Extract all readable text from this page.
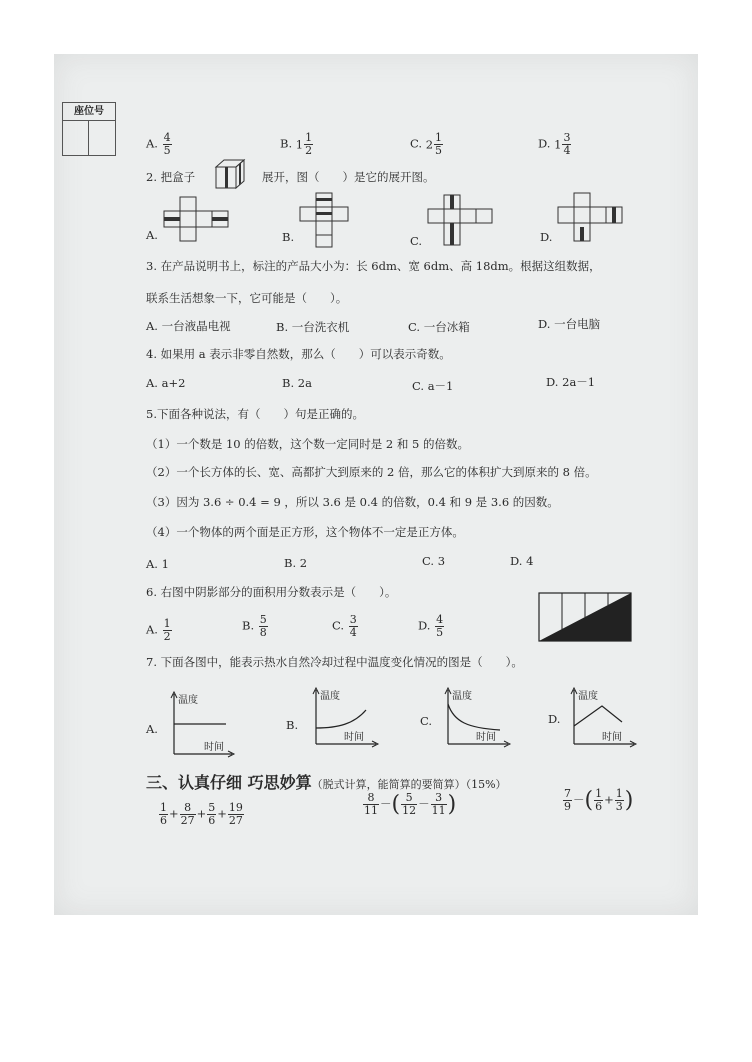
座位号
A. $\frac{4}{5}$	B. $1 \frac{1}{2}$	C. $2 \frac{1}{5}$	D. $1 \frac{3}{4}$
2. 把盒子	展开，图（　　）是它的展开图。
A.	B.	C.	D.
3. 在产品说明书上，标注的产品大小为：长 6dm、宽 6dm、高 18dm。根据这组数据，
联系生活想象一下，它可能是（　　）。
A. 一台液晶电视	B. 一台洗衣机	C. 一台冰箱	D. 一台电脑
4. 如果用 a 表示非零自然数，那么（　　）可以表示奇数。
A. a+2	B. 2a	C. a－1	D. 2a－1
5.下面各种说法，有（　　）句是正确的。
（1）一个数是 10 的倍数，这个数一定同时是 2 和 5 的倍数。
（2）一个长方体的长、宽、高都扩大到原来的 2 倍，那么它的体积扩大到原来的 8 倍。
（3）因为 3.6 ÷ 0.4 = 9 ，所以 3.6 是 0.4 的倍数，0.4 和 9 是 3.6 的因数。
（4）一个物体的两个面是正方形，这个物体不一定是正方体。
A. 1	B. 2	C. 3	D. 4
6. 右图中阴影部分的面积用分数表示是（　　）。
A. $\frac{1}{2}$	B. $\frac{5}{8}$	C. $\frac{3}{4}$	D. $\frac{4}{5}$
7. 下面各图中，能表示热水自然冷却过程中温度变化情况的图是（　　）。
A.
温度
时间
B.
温度
时间
C.
温度
时间
D.
温度
时间
三、认真仔细 巧思妙算（脱式计算，能简算的要简算）（15%）
$\frac{1}{6} + \frac{8}{27} + \frac{5}{6} + \frac{19}{27}$	$\frac{8}{11}$ －( $\frac{5}{12} - \frac{3}{11}$ )	$\frac{7}{9}$ －( $\frac{1}{6} + \frac{1}{3}$ )
